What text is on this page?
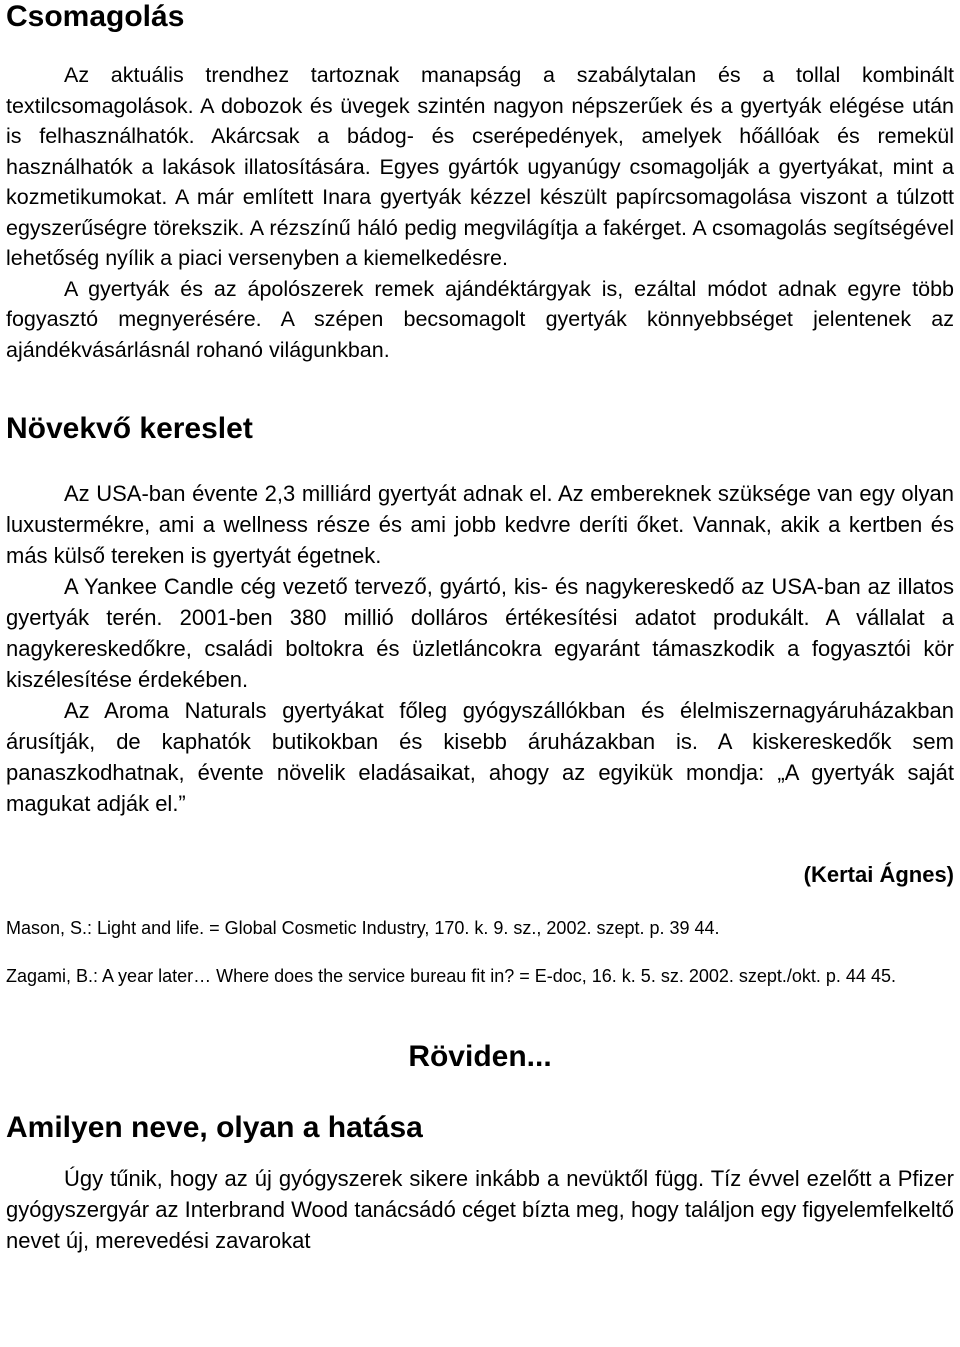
Csomagolás

Az aktuális trendhez tartoznak manapság a szabálytalan és a tollal kombinált textilcsomagolások. A dobozok és üvegek szintén nagyon népszerűek és a gyertyák elégése után is felhasználhatók. Akárcsak a bádog- és cserépedények, amelyek hőállóak és remekül használhatók a lakások illatosítására. Egyes gyártók ugyanúgy csomagolják a gyertyákat, mint a kozmetikumokat. A már említett Inara gyertyák kézzel készült papírcsomagolása viszont a túlzott egyszerűségre törekszik. A rézszínű háló pedig megvilágítja a fakérget. A csomagolás segítségével lehetőség nyílik a piaci versenyben a kiemelkedésre.

A gyertyák és az ápolószerek remek ajándéktárgyak is, ezáltal módot adnak egyre több fogyasztó megnyerésére. A szépen becsomagolt gyertyák könnyebbséget jelentenek az ajándékvásárlásnál rohanó világunkban.

Növekvő kereslet

Az USA-ban évente 2,3 milliárd gyertyát adnak el. Az embereknek szüksége van egy olyan luxustermékre, ami a wellness része és ami jobb kedvre deríti őket. Vannak, akik a kertben és más külső tereken is gyertyát égetnek.

A Yankee Candle cég vezető tervező, gyártó, kis- és nagykereskedő az USA-ban az illatos gyertyák terén. 2001-ben 380 millió dolláros értékesítési adatot produkált. A vállalat a nagykereskedőkre, családi boltokra és üzletláncokra egyaránt támaszkodik a fogyasztói kör kiszélesítése érdekében.

Az Aroma Naturals gyertyákat főleg gyógyszállókban és élelmiszernagyáruházakban árusítják, de kaphatók butikokban és kisebb áruházakban is. A kiskereskedők sem panaszkodhatnak, évente növelik eladásaikat, ahogy az egyikük mondja: „A gyertyák saját magukat adják el.”

(Kertai Ágnes)

Mason, S.: Light and life. = Global Cosmetic Industry, 170. k. 9. sz., 2002. szept. p. 39 44.

Zagami, B.: A year later… Where does the service bureau fit in? = E-doc, 16. k. 5. sz. 2002. szept./okt. p. 44 45.

Röviden...
Amilyen neve, olyan a hatása

Úgy tűnik, hogy az új gyógyszerek sikere inkább a nevüktől függ. Tíz évvel ezelőtt a Pfizer gyógyszergyár az Interbrand Wood tanácsádó céget bízta meg, hogy találjon egy figyelemfelkeltő nevet új, merevedési zavarokat
